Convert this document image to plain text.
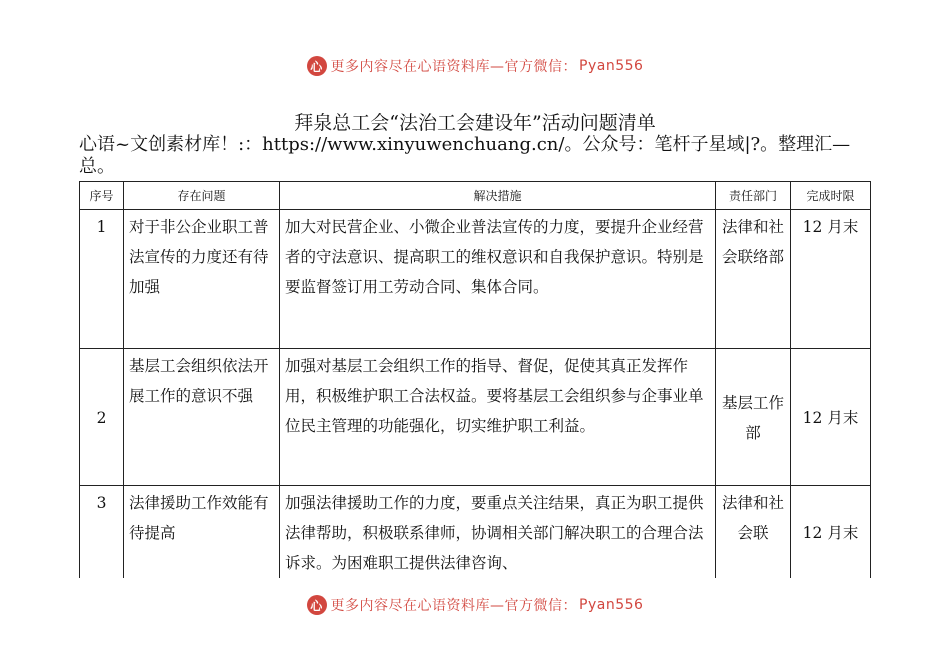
心 更多内容尽在心语资料库—官方微信： Pyan556
拜泉总工会“法治工会建设年”活动问题清单
心语~文创素材库！:：https://www.xinyuwenchuang.cn/。公众号：笔杆子星域|?。整理汇—总。
序号	存在问题	解决措施	责任部门	完成时限
1	对于非公企业职工普法宣传的力度还有待加强	加大对民营企业、小微企业普法宣传的力度，要提升企业经营者的守法意识、提高职工的维权意识和自我保护意识。特别是要监督签订用工劳动合同、集体合同。	法律和社会联络部	12 月末
2	基层工会组织依法开展工作的意识不强	加强对基层工会组织工作的指导、督促，促使其真正发挥作用，积极维护职工合法权益。要将基层工会组织参与企事业单位民主管理的功能强化，切实维护职工利益。	基层工作部	12 月末
3	法律援助工作效能有待提高	加强法律援助工作的力度，要重点关注结果，真正为职工提供法律帮助，积极联系律师，协调相关部门解决职工的合理合法诉求。为困难职工提供法律咨询、	法律和社会联	12 月末
心 更多内容尽在心语资料库—官方微信： Pyan556
